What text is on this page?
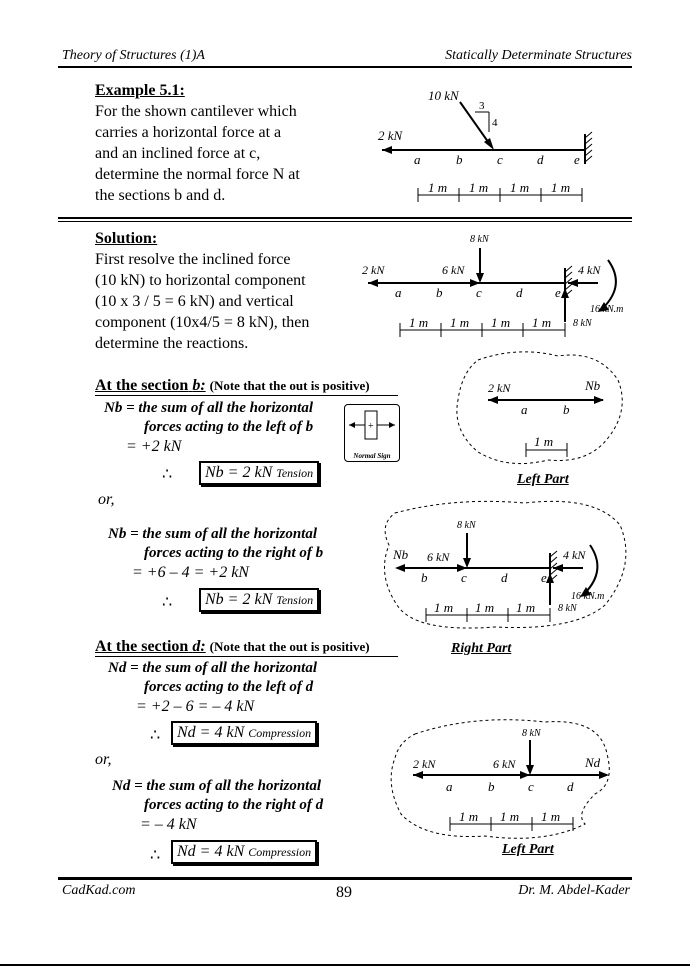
Theory of Structures (1)A	Statically Determinate Structures
Example 5.1:
For the shown cantilever which
carries a horizontal force at a
and an inclined force at c,
determine the normal force N at
the sections b and d.
2 kN
10 kN
3
4
a	b	c	d e
1 m 1 m 1 m 1 m
Solution:
First resolve the inclined force
(10 kN) to horizontal component
(10 x 3 / 5 = 6 kN) and vertical
component (10x4/5 = 8 kN), then
determine the reactions.
2 kN	6 kN
8 kN
4 kN
8 kN
16 kN.m
a	b	c	d	e
1 m 1 m 1 m 1 m
At the section b: (Note that the out is positive)
Nb = the sum of all the horizontal
forces acting to the left of b
= +2 kN
∴	Nb = 2 kN Tension
+
Normal Sign
2 kN	Nb
a	b
1 m
Left Part
or,
Nb = the sum of all the horizontal
forces acting to the right of b
= +6 – 4 = +2 kN
∴	Nb = 2 kN Tension
Nb 6 kN
8 kN
4 kN
8 kN
16 kN.m
b	c	d	e
1 m 1 m 1 m
Right Part
At the section d: (Note that the out is positive)
Nd = the sum of all the horizontal
forces acting to the left of d
= +2 – 6 = – 4 kN
∴	Nd = 4 kN Compression
or,
Nd = the sum of all the horizontal
forces acting to the right of d
= – 4 kN
∴	Nd = 4 kN Compression
2 kN	6 kN
8 kN
Nd
a	b	c	d
1 m 1 m 1 m
Left Part
CadKad.com	89	Dr. M. Abdel-Kader
